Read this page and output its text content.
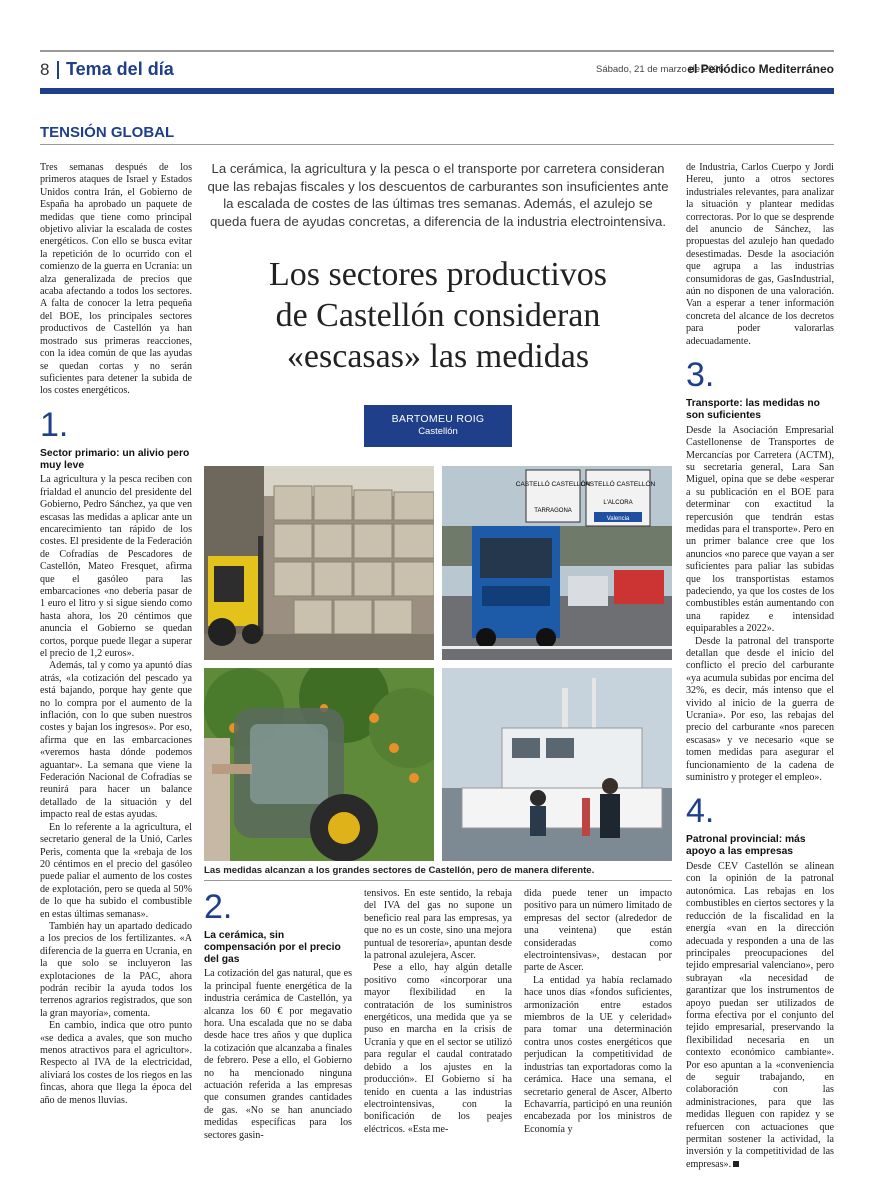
8 Tema del día	Sábado, 21 de marzo de 2026
el Periódico Mediterráneo
TENSIÓN GLOBAL

Tres semanas después de los primeros ataques de Israel y Estados Unidos contra Irán, el Gobierno de España ha aprobado un paquete de medidas que tiene como principal objetivo aliviar la escalada de costes energéticos. Con ello se busca evitar la repetición de lo ocurrido con el comienzo de la guerra en Ucrania: un alza generalizada de precios que acaba afectando a todos los sectores. A falta de conocer la letra pequeña del BOE, los principales sectores productivos de Castellón ya han mostrado sus primeras reacciones, con la idea común de que las ayudas se quedan cortas y no serán suficientes para detener la subida de los costes energéticos.

1.
Sector primario: un alivio pero muy leve

La agricultura y la pesca reciben con frialdad el anuncio del presidente del Gobierno, Pedro Sánchez, ya que ven escasas las medidas a aplicar ante un encarecimiento tan rápido de los costes. El presidente de la Federación de Cofradías de Pescadores de Castellón, Mateo Fresquet, afirma que el gasóleo para las embarcaciones «no debería pasar de 1 euro el litro y si sigue siendo como hasta ahora, los 20 céntimos que anuncia el Gobierno se quedan cortos, porque puede llegar a superar el precio de 1,2 euros».

Además, tal y como ya apuntó días atrás, «la cotización del pescado ya está bajando, porque hay gente que no lo compra por el aumento de la inflación, con lo que suben nuestros costes y bajan los ingresos». Por eso, afirma que en las embarcaciones «veremos hasta dónde podemos aguantar». La semana que viene la Federación Nacional de Cofradías se reunirá para hacer un balance detallado de la situación y del impacto real de estas ayudas.

En lo referente a la agricultura, el secretario general de la Unió, Carles Peris, comenta que la «rebaja de los 20 céntimos en el precio del gasóleo puede paliar el aumento de los costes de explotación, pero se queda al 50% de lo que ha subido el combustible en estas últimas semanas».

También hay un apartado dedicado a los precios de los fertilizantes. «A diferencia de la guerra en Ucrania, en la que solo se incluyeron las explotaciones de la PAC, ahora podrán recibir la ayuda todos los terrenos agrarios registrados, que son la gran mayoría», comenta.

En cambio, indica que otro punto «se dedica a avales, que son mucho menos atractivos para el agricultor». Respecto al IVA de la electricidad, aliviará los costes de los riegos en las fincas, ahora que llega la época del año de menos lluvias.

La cerámica, la agricultura y la pesca o el transporte por carretera consideran que las rebajas fiscales y los descuentos de carburantes son insuficientes ante la escalada de costes de las últimas tres semanas. Además, el azulejo se queda fuera de ayudas concretas, a diferencia de la industria electrointensiva.
Los sectores productivos
de Castellón consideran
«escasas» las medidas
BARTOMEU ROIG
Castellón
CASTELLÓ CASTELLÓN
TARRAGONA
CASTELLÓ CASTELLÓN
L'ALCORA
Valencia
Las medidas alcanzan a los grandes sectores de Castellón, pero de manera diferente.
2.
La cerámica, sin compensación por el precio del gas

La cotización del gas natural, que es la principal fuente energética de la industria cerámica de Castellón, ya alcanza los 60 € por megavatio hora. Una escalada que no se daba desde hace tres años y que duplica la cotización que alcanzaba a finales de febrero. Pese a ello, el Gobierno no ha mencionado ninguna actuación referida a las empresas que consumen grandes cantidades de gas. «No se han anunciado medidas específicas para los sectores gasin-

tensivos. En este sentido, la rebaja del IVA del gas no supone un beneficio real para las empresas, ya que no es un coste, sino una mejora puntual de tesorería», apuntan desde la patronal azulejera, Ascer.

Pese a ello, hay algún detalle positivo como «incorporar una mayor flexibilidad en la contratación de los suministros energéticos, una medida que ya se puso en marcha en la crisis de Ucrania y que en el sector se utilizó para regular el caudal contratado debido a los ajustes en la producción». El Gobierno sí ha tenido en cuenta a las industrias electrointensivas, con la bonificación de los peajes eléctricos. «Esta me-

dida puede tener un impacto positivo para un número limitado de empresas del sector (alrededor de una veintena) que están consideradas como electrointensivas», destacan por parte de Ascer.

La entidad ya había reclamado hace unos días «fondos suficientes, armonización entre estados miembros de la UE y celeridad» para tomar una determinación contra unos costes energéticos que perjudican la competitividad de industrias tan exportadoras como la cerámica. Hace una semana, el secretario general de Ascer, Alberto Echavarría, participó en una reunión encabezada por los ministros de Economía y

de Industria, Carlos Cuerpo y Jordi Hereu, junto a otros sectores industriales relevantes, para analizar la situación y plantear medidas correctoras. Por lo que se desprende del anuncio de Sánchez, las propuestas del azulejo han quedado desestimadas. Desde la asociación que agrupa a las industrias consumidoras de gas, GasIndustrial, aún no disponen de una valoración. Van a esperar a tener información concreta del alcance de los decretos para poder valorarlas adecuadamente.

3.
Transporte: las medidas no son suficientes

Desde la Asociación Empresarial Castellonense de Transportes de Mercancías por Carretera (ACTM), su secretaria general, Lara San Miguel, opina que se debe «esperar a su publicación en el BOE para determinar con exactitud la repercusión que tendrán estas medidas para el transporte». Pero en un primer balance cree que los anuncios «no parece que vayan a ser suficientes para paliar las subidas que los transportistas estamos padeciendo, ya que los costes de los combustibles están aumentando con una rapidez e intensidad equiparables a 2022».

Desde la patronal del transporte detallan que desde el inicio del conflicto el precio del carburante «ya acumula subidas por encima del 32%, es decir, más intenso que el vivido al inicio de la guerra de Ucrania». Por eso, las rebajas del precio del carburante «nos parecen escasas» y ve necesario «que se tomen medidas para asegurar el funcionamiento de la cadena de suministro y proteger el empleo».

4.
Patronal provincial: más apoyo a las empresas

Desde CEV Castellón se alinean con la opinión de la patronal autonómica. Las rebajas en los combustibles en ciertos sectores y la reducción de la fiscalidad en la energía «van en la dirección adecuada y responden a una de las principales preocupaciones del tejido empresarial valenciano», pero subrayan «la necesidad de garantizar que los instrumentos de apoyo puedan ser utilizados de forma efectiva por el conjunto del tejido empresarial, preservando la flexibilidad necesaria en un contexto económico cambiante». Por eso apuntan a la «conveniencia de seguir trabajando, en colaboración con las administraciones, para que las medidas lleguen con rapidez y se refuercen con actuaciones que permitan sostener la actividad, la inversión y la competitividad de las empresas».
